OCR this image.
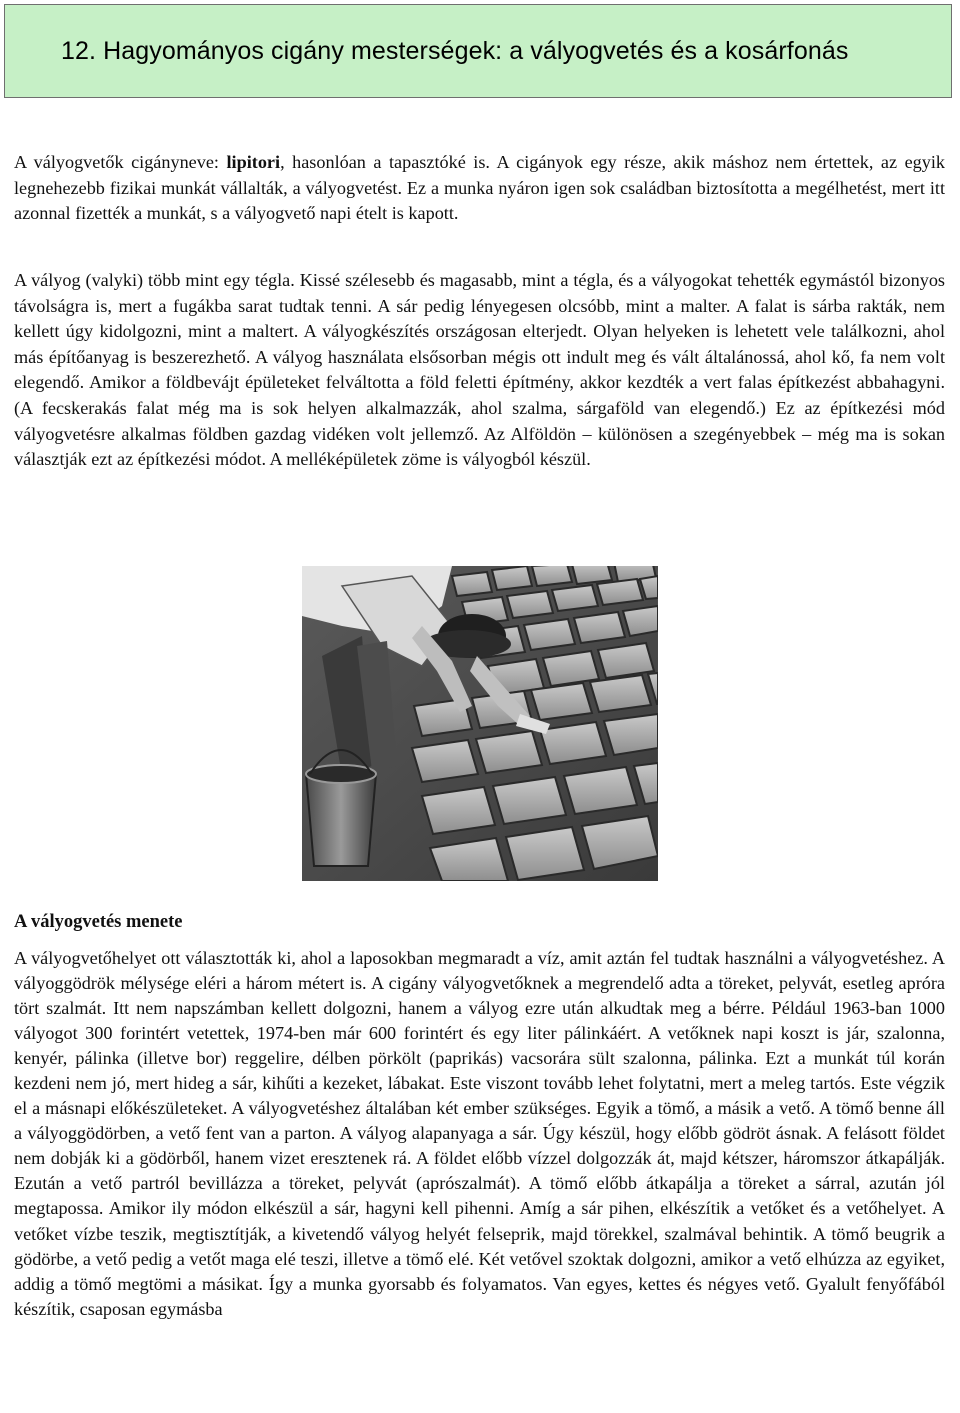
12. Hagyományos cigány mesterségek: a vályogvetés és a kosárfonás

A vályogvetők cigányneve: lipitori, hasonlóan a tapasztóké is. A cigányok egy része, akik máshoz nem értettek, az egyik legnehezebb fizikai munkát vállalták, a vályogvetést. Ez a munka nyáron igen sok családban biztosította a megélhetést, mert itt azonnal fizették a munkát, s a vályogvető napi ételt is kapott.

A vályog (valyki) több mint egy tégla. Kissé szélesebb és magasabb, mint a tégla, és a vályogokat tehették egymástól bizonyos távolságra is, mert a fugákba sarat tudtak tenni. A sár pedig lényegesen olcsóbb, mint a malter. A falat is sárba rakták, nem kellett úgy kidolgozni, mint a maltert. A vályogkészítés országosan elterjedt. Olyan helyeken is lehetett vele találkozni, ahol más építőanyag is beszerezhető. A vályog használata elsősorban mégis ott indult meg és vált általánossá, ahol kő, fa nem volt elegendő. Amikor a földbevájt épületeket felváltotta a föld feletti építmény, akkor kezdték a vert falas építkezést abbahagyni. (A fecskerakás falat még ma is sok helyen alkalmazzák, ahol szalma, sárgaföld van elegendő.) Ez az építkezési mód vályogvetésre alkalmas földben gazdag vidéken volt jellemző. Az Alföldön – különösen a szegényebbek – még ma is sokan választják ezt az építkezési módot. A melléképületek zöme is vályogból készül.

A vályogvetés menete

A vályogvetőhelyet ott választották ki, ahol a laposokban megmaradt a víz, amit aztán fel tudtak használni a vályogvetéshez. A vályoggödrök mélysége eléri a három métert is. A cigány vályogvetőknek a megrendelő adta a töreket, pelyvát, esetleg apróra tört szalmát. Itt nem napszámban kellett dolgozni, hanem a vályog ezre után alkudtak meg a bérre. Például 1963-ban 1000 vályogot 300 forintért vetettek, 1974-ben már 600 forintért és egy liter pálinkáért. A vetőknek napi koszt is jár, szalonna, kenyér, pálinka (illetve bor) reggelire, délben pörkölt (paprikás) vacsorára sült szalonna, pálinka. Ezt a munkát túl korán kezdeni nem jó, mert hideg a sár, kihűti a kezeket, lábakat. Este viszont tovább lehet folytatni, mert a meleg tartós. Este végzik el a másnapi előkészületeket. A vályogvetéshez általában két ember szükséges. Egyik a tömő, a másik a vető. A tömő benne áll a vályoggödörben, a vető fent van a parton. A vályog alapanyaga a sár. Úgy készül, hogy előbb gödröt ásnak. A felásott földet nem dobják ki a gödörből, hanem vizet eresztenek rá. A földet előbb vízzel dolgozzák át, majd kétszer, háromszor átkapálják. Ezután a vető partról bevillázza a töreket, pelyvát (aprószalmát). A tömő előbb átkapálja a töreket a sárral, azután jól megtapossa. Amikor ily módon elkészül a sár, hagyni kell pihenni. Amíg a sár pihen, elkészítik a vetőket és a vetőhelyet. A vetőket vízbe teszik, megtisztítják, a kivetendő vályog helyét felseprik, majd törekkel, szalmával behintik. A tömő beugrik a gödörbe, a vető pedig a vetőt maga elé teszi, illetve a tömő elé. Két vetővel szoktak dolgozni, amikor a vető elhúzza az egyiket, addig a tömő megtömi a másikat. Így a munka gyorsabb és folyamatos. Van egyes, kettes és négyes vető. Gyalult fenyőfából készítik, csaposan egymásba
